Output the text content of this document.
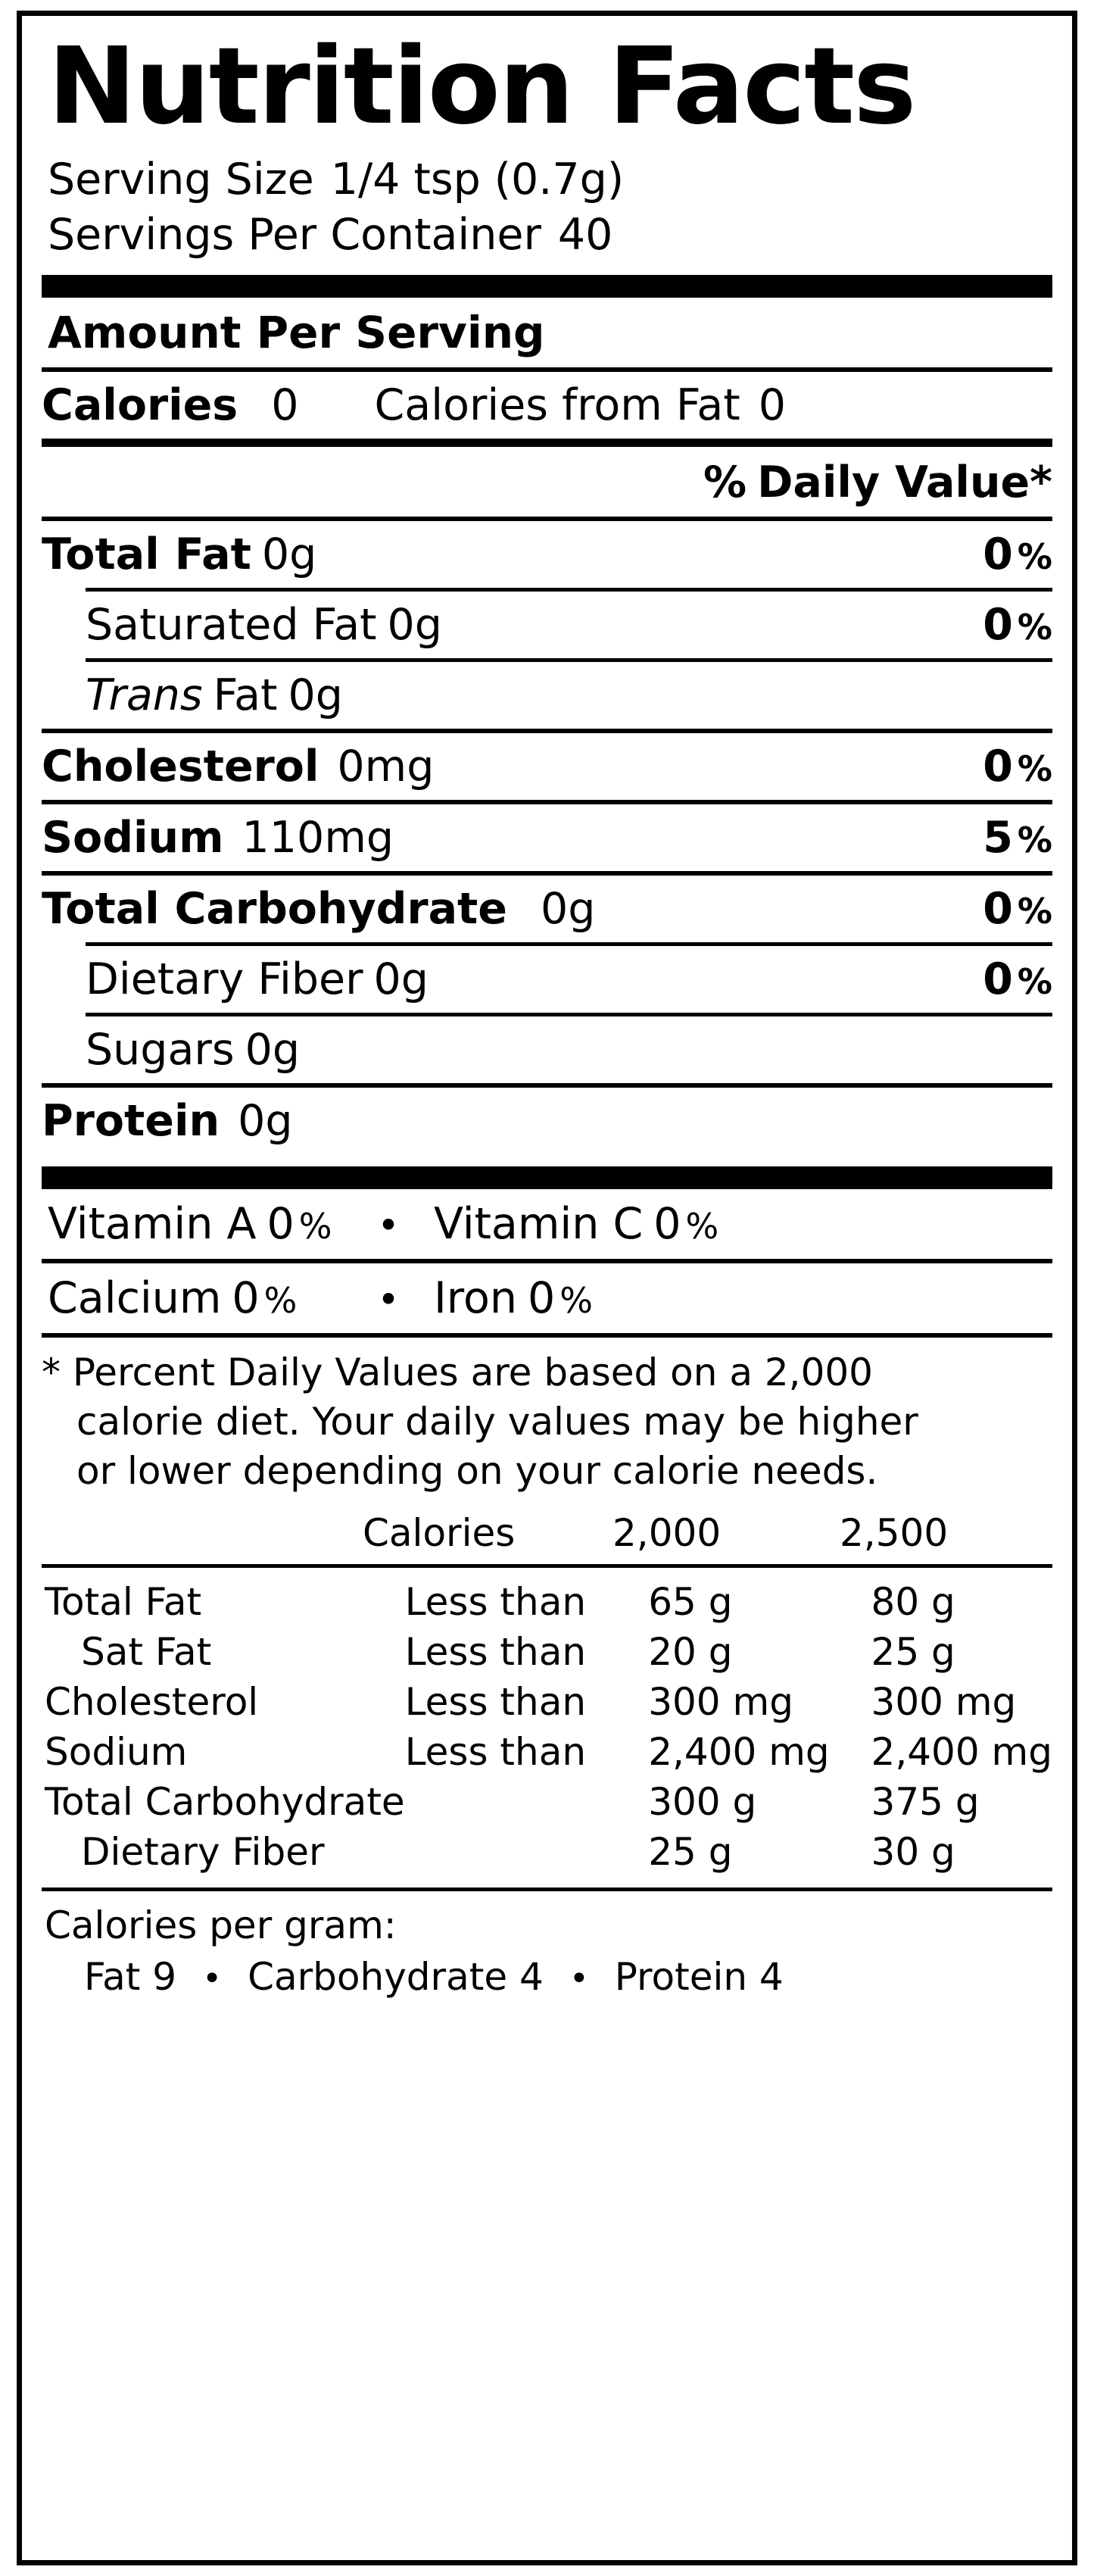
Nutrition Facts
Serving Size 1/4 tsp (0.7g)
Servings Per Container 40
Amount Per Serving
Calories 0 Calories from Fat 0
% Daily Value*
Total Fat 0g	0 %
Saturated Fat 0g	0 %
Trans Fat 0g
Cholesterol 0mg	0 %
Sodium 110mg	5 %
Total Carbohydrate 0g	0 %
Dietary Fiber 0g	0 %
Sugars 0g
Protein 0g
Vitamin A 0 %	• Vitamin C 0 %
Calcium 0 %	• Iron 0 %

* Percent Daily Values are based on a 2,000

calorie diet. Your daily values may be higher

or lower depending on your calorie needs.

	Calories	2,000	2,500
Total Fat	Less than	65 g	80 g
Sat Fat	Less than	20 g	25 g
Cholesterol	Less than	300 mg	300 mg
Sodium	Less than	2,400 mg	2,400 mg
Total Carbohydrate		300 g	375 g
Dietary Fiber		25 g	30 g
Calories per gram:
Fat 9 • Carbohydrate 4 • Protein 4
